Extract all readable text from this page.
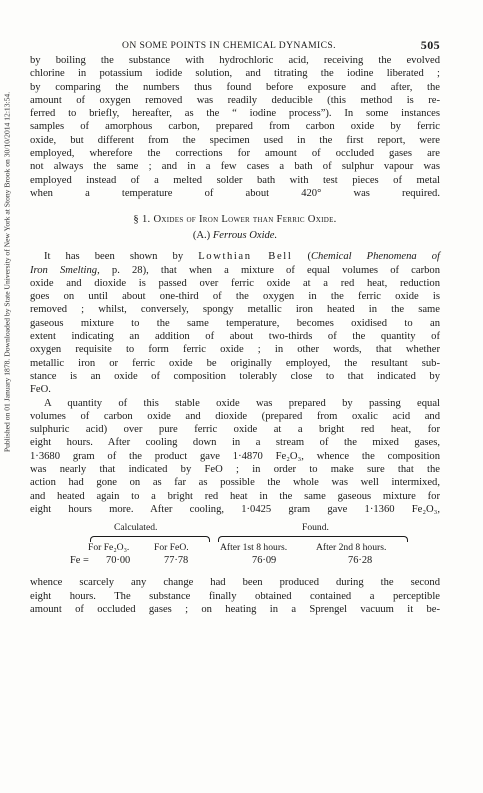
Published on 01 January 1878. Downloaded by State University of New York at Stony Brook on 30/10/2014 12:13:54.
ON SOME POINTS IN CHEMICAL DYNAMICS.	505

by boiling the substance with hydrochloric acid, receiving the evolved
chlorine in potassium iodide solution, and titrating the iodine liberated ;
by comparing the numbers thus found before exposure and after, the
amount of oxygen removed was readily deducible (this method is re-
ferred to briefly, hereafter, as the “ iodine process”). In some instances
samples of amorphous carbon, prepared from carbon oxide by ferric
oxide, but different from the specimen used in the first report, were
employed, wherefore the corrections for amount of occluded gases are
not always the same ; and in a few cases a bath of sulphur vapour was
employed instead of a melted solder bath with test pieces of metal
when a temperature of about 420° was required.

§ 1. Oxides of Iron Lower than Ferric Oxide.
(A.) Ferrous Oxide.

It has been shown by Lowthian Bell (Chemical Phenomena of
Iron Smelting, p. 28), that when a mixture of equal volumes of carbon
oxide and dioxide is passed over ferric oxide at a red heat, reduction
goes on until about one-third of the oxygen in the ferric oxide is
removed ; whilst, conversely, spongy metallic iron heated in the same
gaseous mixture to the same temperature, becomes oxidised to an
extent indicating an addition of about two-thirds of the quantity of
oxygen requisite to form ferric oxide ; in other words, that whether
metallic iron or ferric oxide be originally employed, the resultant sub-
stance is an oxide of composition tolerably close to that indicated by
FeO.

A quantity of this stable oxide was prepared by passing equal
volumes of carbon oxide and dioxide (prepared from oxalic acid and
sulphuric acid) over pure ferric oxide at a bright red heat, for
eight hours. After cooling down in a stream of the mixed gases,
1·3680 gram of the product gave 1·4870 Fe₂O₃, whence the composition
was nearly that indicated by FeO ; in order to make sure that the
action had gone on as far as possible the whole was well intermixed,
and heated again to a bright red heat in the same gaseous mixture for

eight hours more. After cooling, 1·0425 gram gave 1·1360 Fe₂O₃,

Calculated.	Found.
For Fe₂O₃.	For FeO.	After 1st 8 hours.	After 2nd 8 hours.
Fe = 70·00	77·78	76·09	76·28

whence scarcely any change had been produced during the second
eight hours. The substance finally obtained contained a perceptible
amount of occluded gases ; on heating in a Sprengel vacuum it be-
